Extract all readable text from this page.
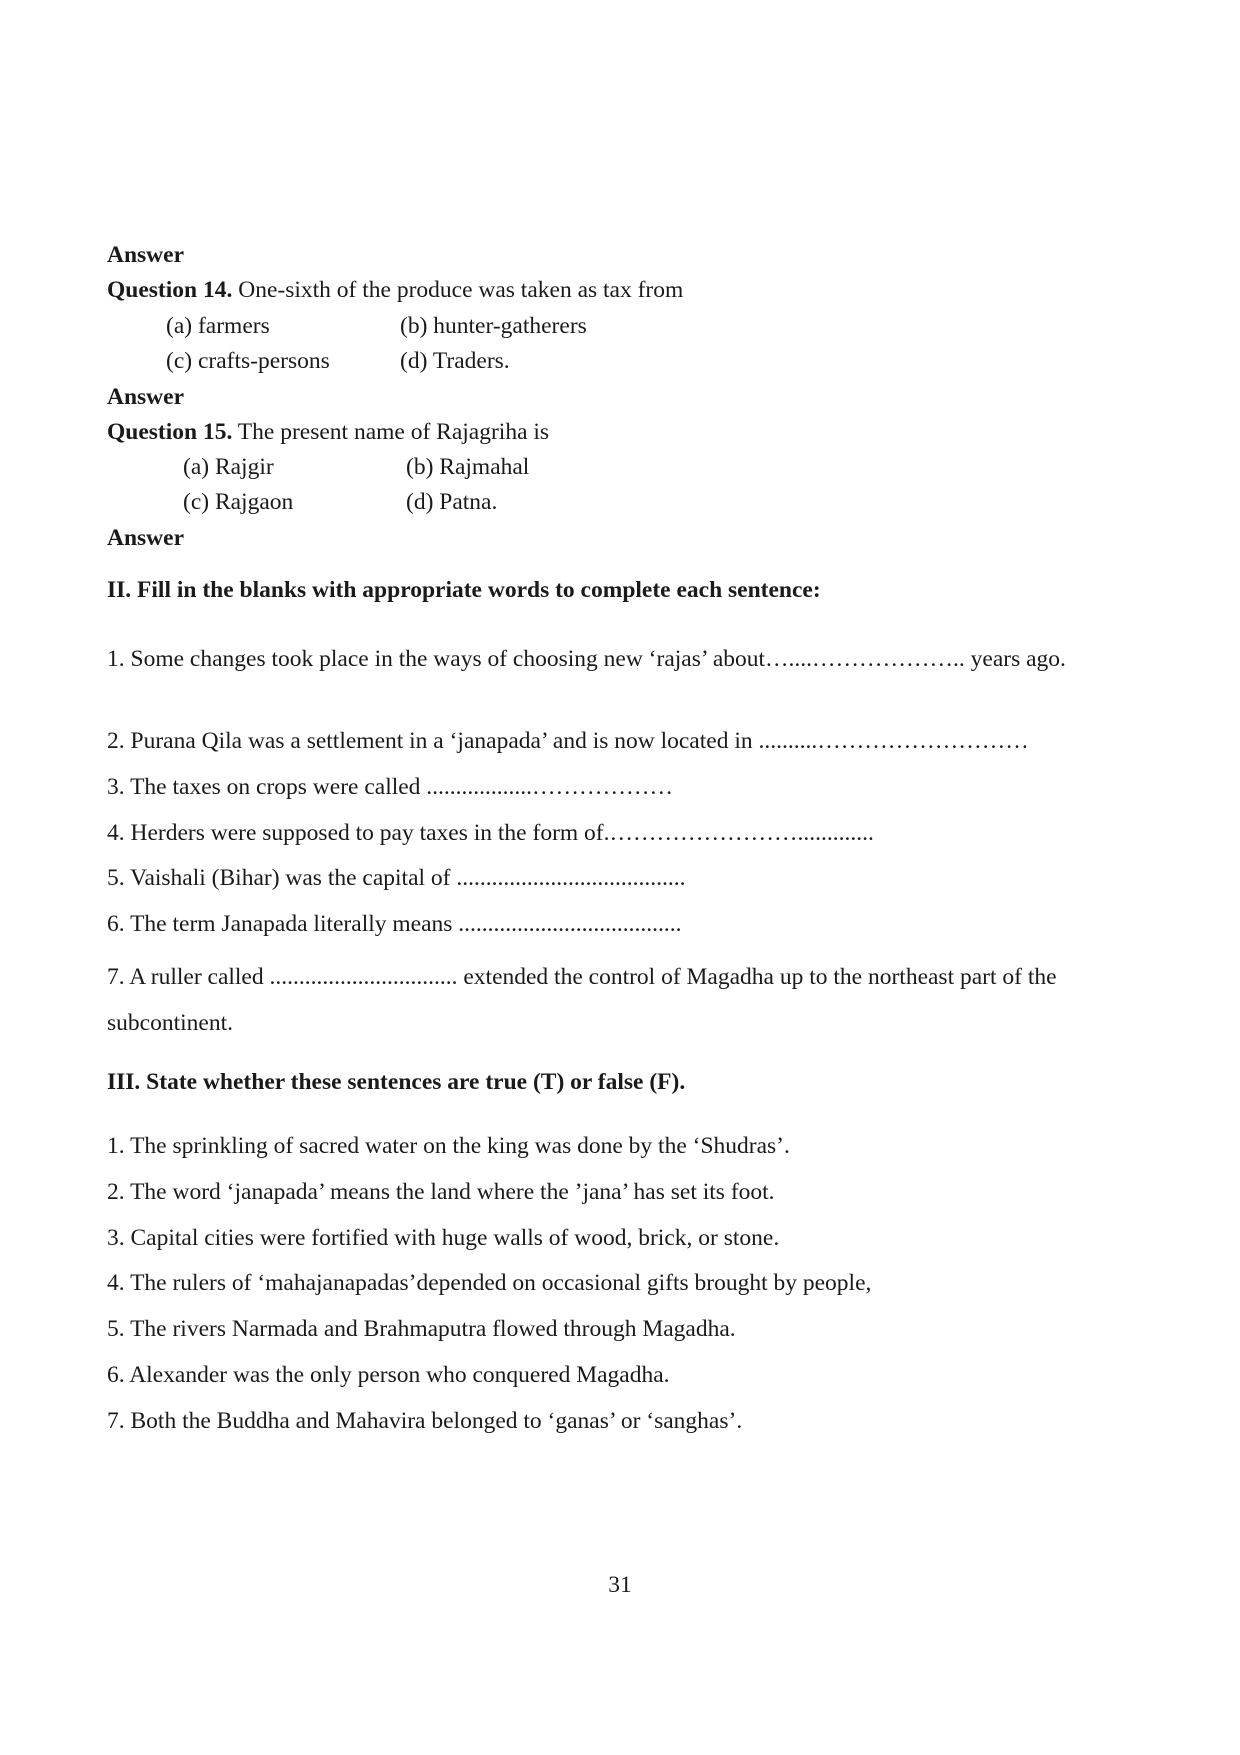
Answer
Question 14. One-sixth of the produce was taken as tax from
(a) farmers	(b) hunter-gatherers
(c) crafts-persons	(d) Traders.
Answer
Question 15. The present name of Rajagriha is
(a) Rajgir	(b) Rajmahal
(c) Rajgaon	(d) Patna.
Answer
II. Fill in the blanks with appropriate words to complete each sentence:
1. Some changes took place in the ways of choosing new ‘rajas’ about…....……………….. years ago.
2. Purana Qila was a settlement in a ‘janapada’ and is now located in ..........………………………
3. The taxes on crops were called ..................………………
4. Herders were supposed to pay taxes in the form of.…………………….............
5. Vaishali (Bihar) was the capital of .......................................
6. The term Janapada literally means ......................................
7. A ruller called ................................ extended the control of Magadha up to the northeast part of the subcontinent.
III. State whether these sentences are true (T) or false (F).
1. The sprinkling of sacred water on the king was done by the ‘Shudras’.
2. The word ‘janapada’ means the land where the ’jana’ has set its foot.
3. Capital cities were fortified with huge walls of wood, brick, or stone.
4. The rulers of ‘mahajanapadas’depended on occasional gifts brought by people,
5. The rivers Narmada and Brahmaputra flowed through Magadha.
6. Alexander was the only person who conquered Magadha.
7. Both the Buddha and Mahavira belonged to ‘ganas’ or ‘sanghas’.
31
